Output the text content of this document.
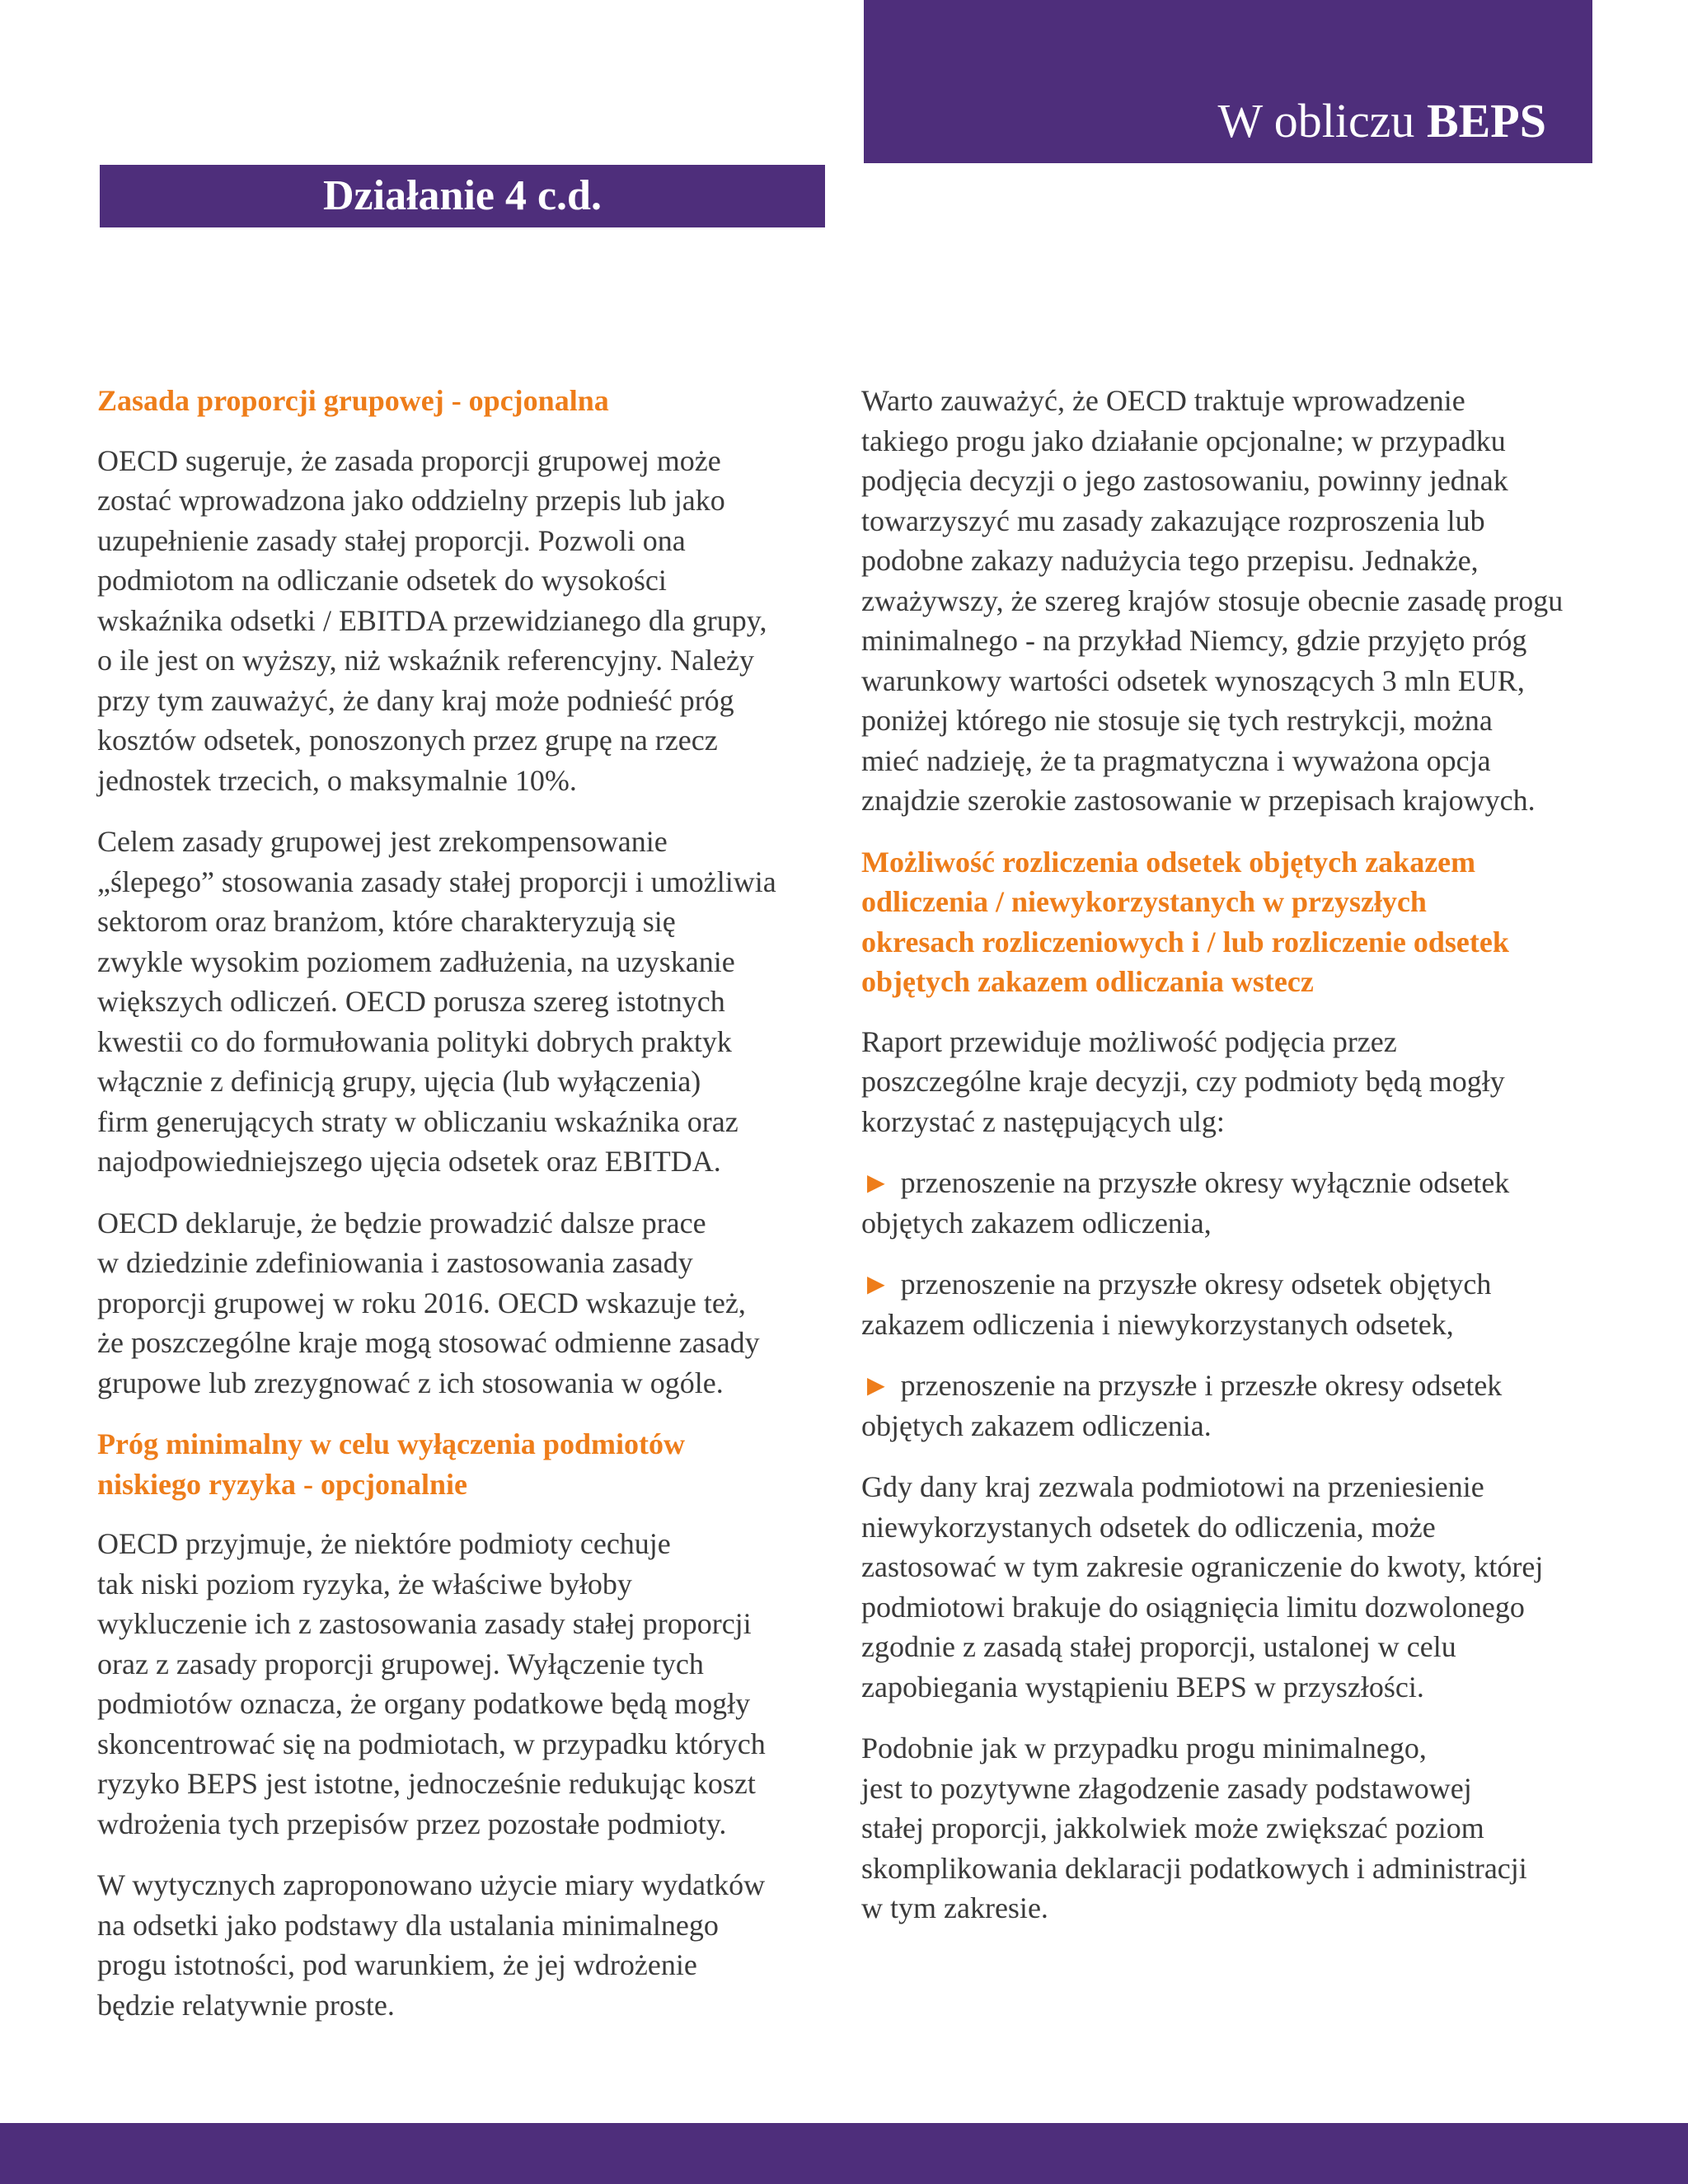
W obliczu BEPS
Działanie 4 c.d.
Zasada proporcji grupowej - opcjonalna
OECD sugeruje, że zasada proporcji grupowej może
zostać wprowadzona jako oddzielny przepis lub jako
uzupełnienie zasady stałej proporcji. Pozwoli ona
podmiotom na odliczanie odsetek do wysokości
wskaźnika odsetki / EBITDA przewidzianego dla grupy,
o ile jest on wyższy, niż wskaźnik referencyjny. Należy
przy tym zauważyć, że dany kraj może podnieść próg
kosztów odsetek, ponoszonych przez grupę na rzecz
jednostek trzecich, o maksymalnie 10%.
Celem zasady grupowej jest zrekompensowanie
„ślepego” stosowania zasady stałej proporcji i umożliwia
sektorom oraz branżom, które charakteryzują się
zwykle wysokim poziomem zadłużenia, na uzyskanie
większych odliczeń. OECD porusza szereg istotnych
kwestii co do formułowania polityki dobrych praktyk
włącznie z definicją grupy, ujęcia (lub wyłączenia)
firm generujących straty w obliczaniu wskaźnika oraz
najodpowiedniejszego ujęcia odsetek oraz EBITDA.
OECD deklaruje, że będzie prowadzić dalsze prace
w dziedzinie zdefiniowania i zastosowania zasady
proporcji grupowej w roku 2016. OECD wskazuje też,
że poszczególne kraje mogą stosować odmienne zasady
grupowe lub zrezygnować z ich stosowania w ogóle.
Próg minimalny w celu wyłączenia podmiotów
niskiego ryzyka - opcjonalnie
OECD przyjmuje, że niektóre podmioty cechuje
tak niski poziom ryzyka, że właściwe byłoby
wykluczenie ich z zastosowania zasady stałej proporcji
oraz z zasady proporcji grupowej. Wyłączenie tych
podmiotów oznacza, że organy podatkowe będą mogły
skoncentrować się na podmiotach, w przypadku których
ryzyko BEPS jest istotne, jednocześnie redukując koszt
wdrożenia tych przepisów przez pozostałe podmioty.
W wytycznych zaproponowano użycie miary wydatków
na odsetki jako podstawy dla ustalania minimalnego
progu istotności, pod warunkiem, że jej wdrożenie
będzie relatywnie proste.
Warto zauważyć, że OECD traktuje wprowadzenie
takiego progu jako działanie opcjonalne; w przypadku
podjęcia decyzji o jego zastosowaniu, powinny jednak
towarzyszyć mu zasady zakazujące rozproszenia lub
podobne zakazy nadużycia tego przepisu. Jednakże,
zważywszy, że szereg krajów stosuje obecnie zasadę progu
minimalnego - na przykład Niemcy, gdzie przyjęto próg
warunkowy wartości odsetek wynoszących 3 mln EUR,
poniżej którego nie stosuje się tych restrykcji, można
mieć nadzieję, że ta pragmatyczna i wyważona opcja
znajdzie szerokie zastosowanie w przepisach krajowych.
Możliwość rozliczenia odsetek objętych zakazem
odliczenia / niewykorzystanych w przyszłych
okresach rozliczeniowych i / lub rozliczenie odsetek
objętych zakazem odliczania wstecz
Raport przewiduje możliwość podjęcia przez
poszczególne kraje decyzji, czy podmioty będą mogły
korzystać z następujących ulg:
► przenoszenie na przyszłe okresy wyłącznie odsetek
objętych zakazem odliczenia,
► przenoszenie na przyszłe okresy odsetek objętych
zakazem odliczenia i niewykorzystanych odsetek,
► przenoszenie na przyszłe i przeszłe okresy odsetek
objętych zakazem odliczenia.
Gdy dany kraj zezwala podmiotowi na przeniesienie
niewykorzystanych odsetek do odliczenia, może
zastosować w tym zakresie ograniczenie do kwoty, której
podmiotowi brakuje do osiągnięcia limitu dozwolonego
zgodnie z zasadą stałej proporcji, ustalonej w celu
zapobiegania wystąpieniu BEPS w przyszłości.
Podobnie jak w przypadku progu minimalnego,
jest to pozytywne złagodzenie zasady podstawowej
stałej proporcji, jakkolwiek może zwiększać poziom
skomplikowania deklaracji podatkowych i administracji
w tym zakresie.
